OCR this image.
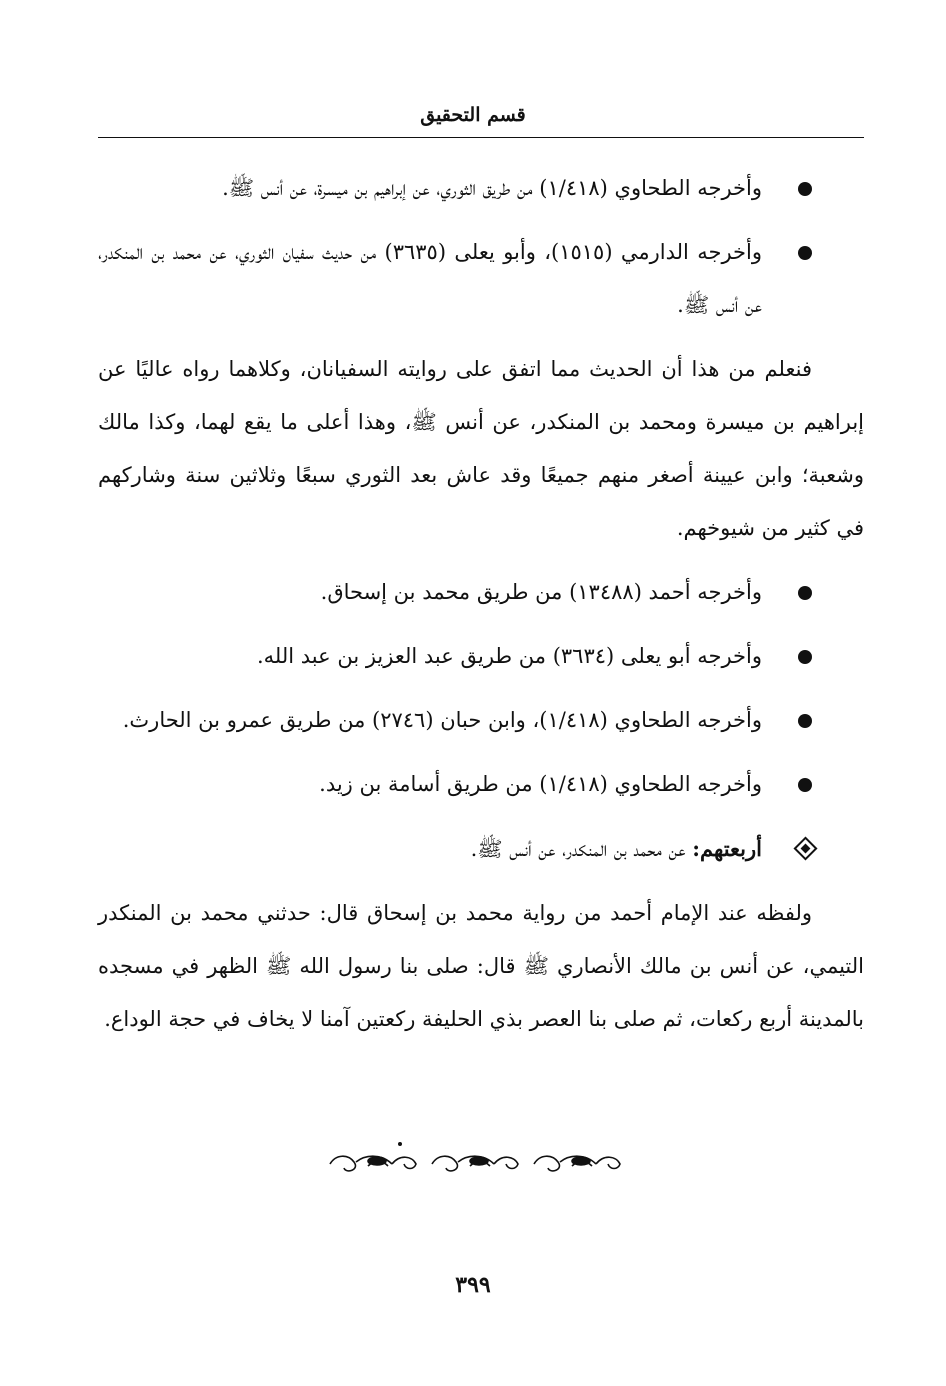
قسم التحقيق
وأخرجه الطحاوي (١/٤١٨) من طريق الثوري، عن إبراهيم بن ميسرة، عن أنس ﷺ.
وأخرجه الدارمي (١٥١٥)، وأبو يعلى (٣٦٣٥) من حديث سفيان الثوري، عن محمد بن المنكدر، عن أنس ﷺ.
فنعلم من هذا أن الحديث مما اتفق على روايته السفيانان، وكلاهما رواه عاليًا عن إبراهيم بن ميسرة ومحمد بن المنكدر، عن أنس ﷺ، وهذا أعلى ما يقع لهما، وكذا مالك وشعبة؛ وابن عيينة أصغر منهم جميعًا وقد عاش بعد الثوري سبعًا وثلاثين سنة وشاركهم في كثير من شيوخهم.
وأخرجه أحمد (١٣٤٨٨) من طريق محمد بن إسحاق.
وأخرجه أبو يعلى (٣٦٣٤) من طريق عبد العزيز بن عبد الله.
وأخرجه الطحاوي (١/٤١٨)، وابن حبان (٢٧٤٦) من طريق عمرو بن الحارث.
وأخرجه الطحاوي (١/٤١٨) من طريق أسامة بن زيد.
أربعتهم: عن محمد بن المنكدر، عن أنس ﷺ.
ولفظه عند الإمام أحمد من رواية محمد بن إسحاق قال: حدثني محمد بن المنكدر التيمي، عن أنس بن مالك الأنصاري ﷺ قال: صلى بنا رسول الله ﷺ الظهر في مسجده بالمدينة أربع ركعات، ثم صلى بنا العصر بذي الحليفة ركعتين آمنا لا يخاف في حجة الوداع.
٣٩٩
